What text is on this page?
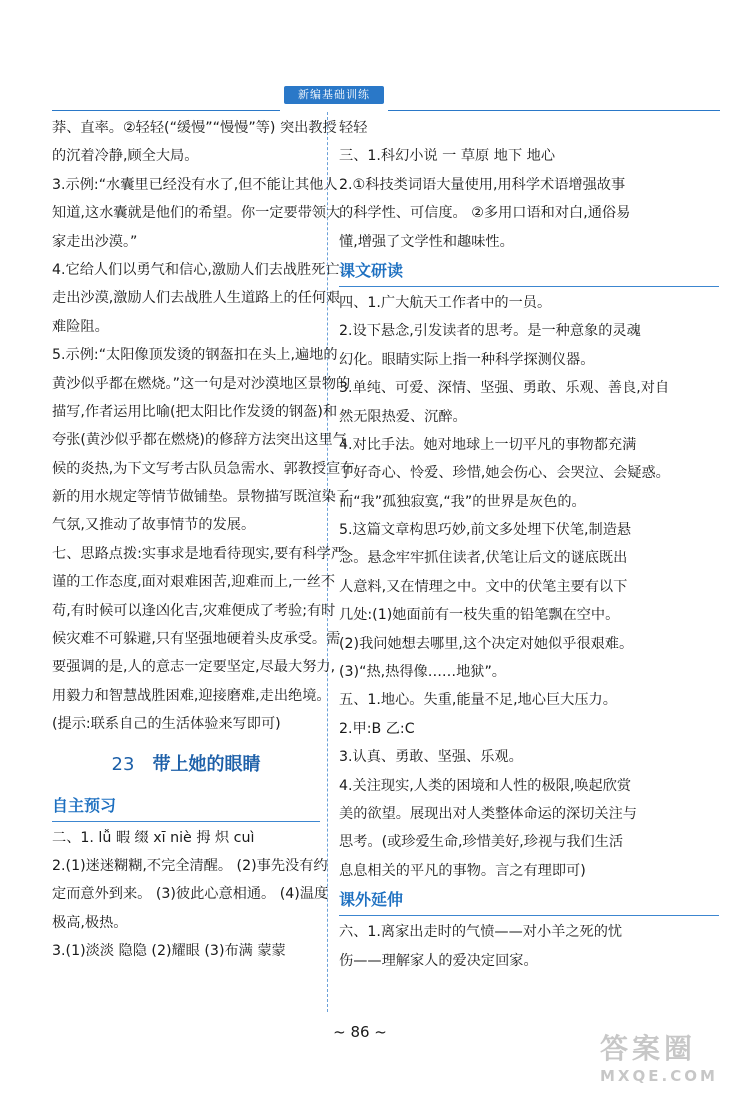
新编基础训练
莽、直率。②轻轻(“缓慢”“慢慢”等) 突出教授
的沉着冷静,顾全大局。
3.示例:“水囊里已经没有水了,但不能让其他人
知道,这水囊就是他们的希望。你一定要带领大
家走出沙漠。”
4.它给人们以勇气和信心,激励人们去战胜死亡、
走出沙漠,激励人们去战胜人生道路上的任何艰
难险阻。
5.示例:“太阳像顶发烫的钢盔扣在头上,遍地的
黄沙似乎都在燃烧。”这一句是对沙漠地区景物的
描写,作者运用比喻(把太阳比作发烫的钢盔)和
夸张(黄沙似乎都在燃烧)的修辞方法突出这里气
候的炎热,为下文写考古队员急需水、郭教授宣布
新的用水规定等情节做铺垫。景物描写既渲染了
气氛,又推动了故事情节的发展。
七、思路点拨:实事求是地看待现实,要有科学严
谨的工作态度,面对艰难困苦,迎难而上,一丝不
苟,有时候可以逢凶化吉,灾难便成了考验;有时
候灾难不可躲避,只有坚强地硬着头皮承受。需
要强调的是,人的意志一定要坚定,尽最大努力,
用毅力和智慧战胜困难,迎接磨难,走出绝境。
(提示:联系自己的生活体验来写即可)
23 带上她的眼睛
自主预习
二、1. lǚ 暇 缀 xī niè 拇 炽 cuì
2.(1)迷迷糊糊,不完全清醒。 (2)事先没有约
定而意外到来。 (3)彼此心意相通。 (4)温度
极高,极热。
3.(1)淡淡 隐隐 (2)耀眼 (3)布满 蒙蒙
轻轻
三、1.科幻小说 一 草原 地下 地心
2.①科技类词语大量使用,用科学术语增强故事
的科学性、可信度。 ②多用口语和对白,通俗易
懂,增强了文学性和趣味性。
课文研读
四、1.广大航天工作者中的一员。
2.设下悬念,引发读者的思考。是一种意象的灵魂
幻化。眼睛实际上指一种科学探测仪器。
3.单纯、可爱、深情、坚强、勇敢、乐观、善良,对自
然无限热爱、沉醉。
4.对比手法。她对地球上一切平凡的事物都充满
了好奇心、怜爱、珍惜,她会伤心、会哭泣、会疑惑。
而“我”孤独寂寞,“我”的世界是灰色的。
5.这篇文章构思巧妙,前文多处埋下伏笔,制造悬
念。悬念牢牢抓住读者,伏笔让后文的谜底既出
人意料,又在情理之中。文中的伏笔主要有以下
几处:(1)她面前有一枝失重的铅笔飘在空中。
(2)我问她想去哪里,这个决定对她似乎很艰难。
(3)“热,热得像……地狱”。
五、1.地心。失重,能量不足,地心巨大压力。
2.甲:B 乙:C
3.认真、勇敢、坚强、乐观。
4.关注现实,人类的困境和人性的极限,唤起欣赏
美的欲望。展现出对人类整体命运的深切关注与
思考。(或珍爱生命,珍惜美好,珍视与我们生活
息息相关的平凡的事物。言之有理即可)
课外延伸
六、1.离家出走时的气愤——对小羊之死的忧
伤——理解家人的爱决定回家。
~ 86 ~	答案圈
MXQE.COM
